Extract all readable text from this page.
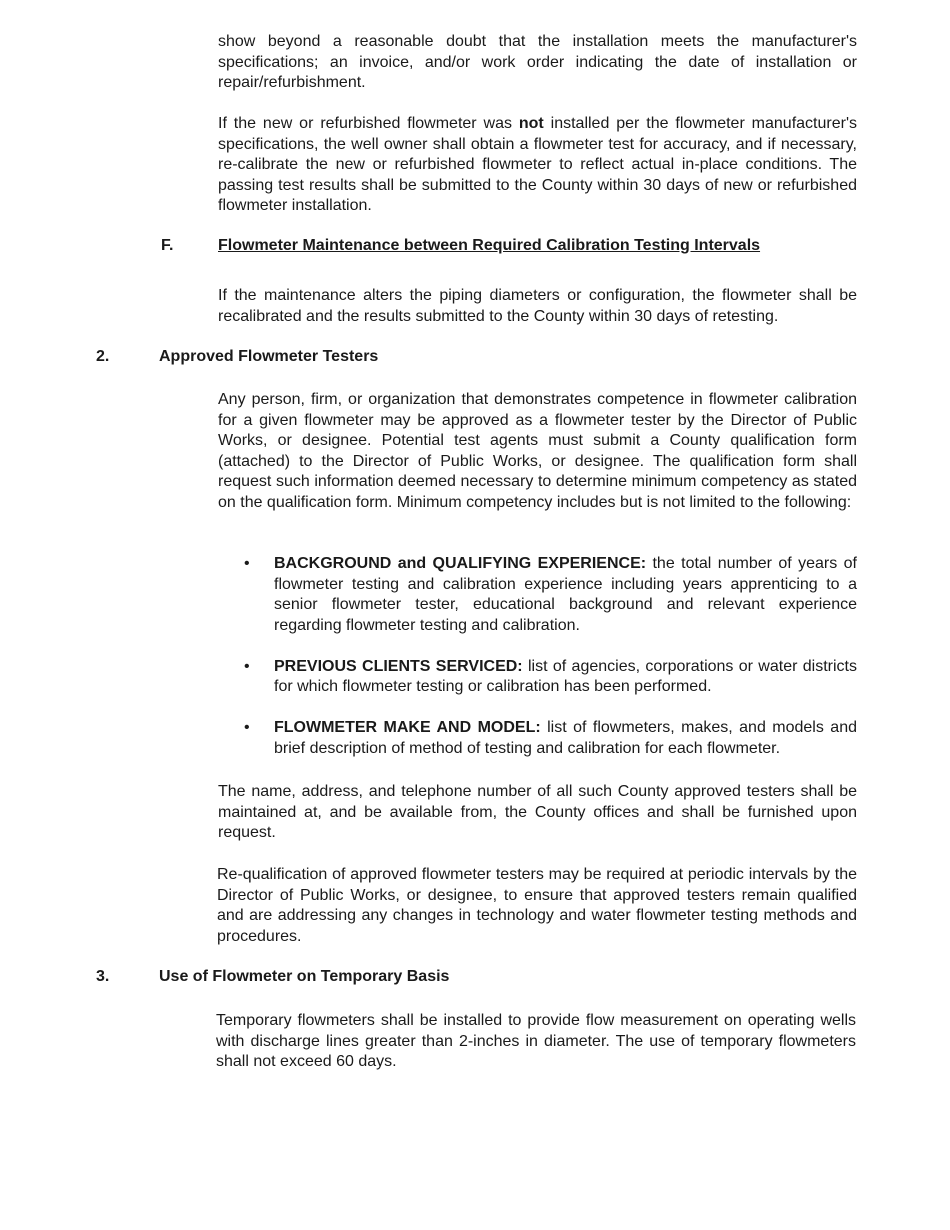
show beyond a reasonable doubt that the installation meets the manufacturer's specifications; an invoice, and/or work order indicating the date of installation or repair/refurbishment.

If the new or refurbished flowmeter was not installed per the flowmeter manufacturer's specifications, the well owner shall obtain a flowmeter test for accuracy, and if necessary, re-calibrate the new or refurbished flowmeter to reflect actual in-place conditions. The passing test results shall be submitted to the County within 30 days of new or refurbished flowmeter installation.

F.	Flowmeter Maintenance between Required Calibration Testing Intervals

If the maintenance alters the piping diameters or configuration, the flowmeter shall be recalibrated and the results submitted to the County within 30 days of retesting.

2.	Approved Flowmeter Testers

Any person, firm, or organization that demonstrates competence in flowmeter calibration for a given flowmeter may be approved as a flowmeter tester by the Director of Public Works, or designee. Potential test agents must submit a County qualification form (attached) to the Director of Public Works, or designee. The qualification form shall request such information deemed necessary to determine minimum competency as stated on the qualification form. Minimum competency includes but is not limited to the following:

• BACKGROUND and QUALIFYING EXPERIENCE: the total number of years of flowmeter testing and calibration experience including years apprenticing to a senior flowmeter tester, educational background and relevant experience regarding flowmeter testing and calibration.
• PREVIOUS CLIENTS SERVICED: list of agencies, corporations or water districts for which flowmeter testing or calibration has been performed.
• FLOWMETER MAKE AND MODEL: list of flowmeters, makes, and models and brief description of method of testing and calibration for each flowmeter.

The name, address, and telephone number of all such County approved testers shall be maintained at, and be available from, the County offices and shall be furnished upon request.

Re-qualification of approved flowmeter testers may be required at periodic intervals by the Director of Public Works, or designee, to ensure that approved testers remain qualified and are addressing any changes in technology and water flowmeter testing methods and procedures.

3.	Use of Flowmeter on Temporary Basis

Temporary flowmeters shall be installed to provide flow measurement on operating wells with discharge lines greater than 2-inches in diameter. The use of temporary flowmeters shall not exceed 60 days.
